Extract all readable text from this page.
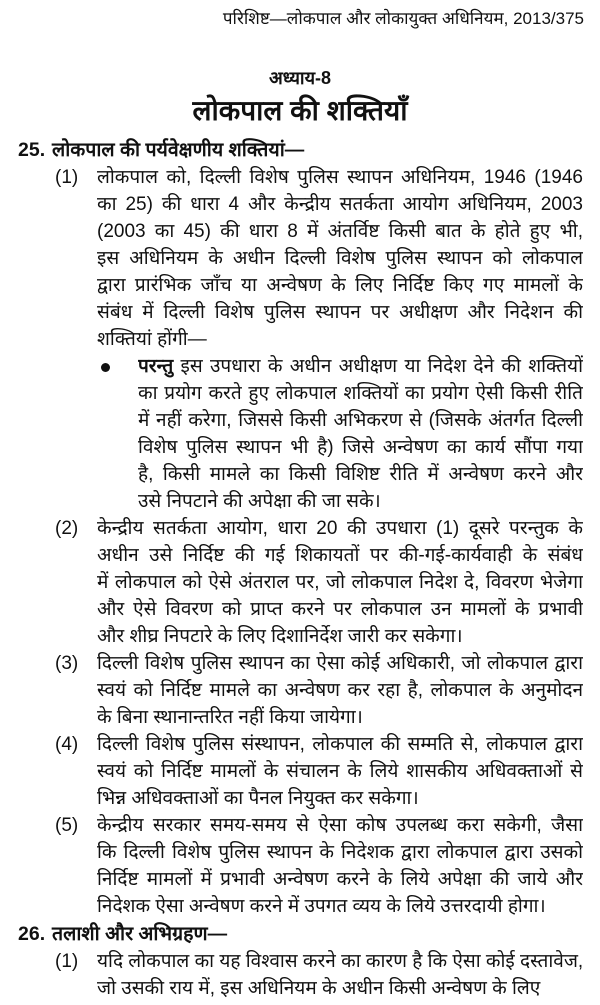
परिशिष्ट—लोकपाल और लोकायुक्त अधिनियम, 2013/375
अध्याय-8
लोकपाल की शक्तियाँ
25. लोकपाल की पर्यवेक्षणीय शक्तियां—
(1) लोकपाल को, दिल्ली विशेष पुलिस स्थापन अधिनियम, 1946 (1946
का 25) की धारा 4 और केन्द्रीय सतर्कता आयोग अधिनियम, 2003
(2003 का 45) की धारा 8 में अंतर्विष्ट किसी बात के होते हुए भी,
इस अधिनियम के अधीन दिल्ली विशेष पुलिस स्थापन को लोकपाल
द्वारा प्रारंभिक जाँच या अन्वेषण के लिए निर्दिष्ट किए गए मामलों के
संबंध में दिल्ली विशेष पुलिस स्थापन पर अधीक्षण और निदेशन की
शक्तियां होंगी—
परन्तु इस उपधारा के अधीन अधीक्षण या निदेश देने की शक्तियों
का प्रयोग करते हुए लोकपाल शक्तियों का प्रयोग ऐसी किसी रीति
में नहीं करेगा, जिससे किसी अभिकरण से (जिसके अंतर्गत दिल्ली
विशेष पुलिस स्थापन भी है) जिसे अन्वेषण का कार्य सौंपा गया
है, किसी मामले का किसी विशिष्ट रीति में अन्वेषण करने और
उसे निपटाने की अपेक्षा की जा सके।
(2) केन्द्रीय सतर्कता आयोग, धारा 20 की उपधारा (1) दूसरे परन्तुक के
अधीन उसे निर्दिष्ट की गई शिकायतों पर की-गई-कार्यवाही के संबंध
में लोकपाल को ऐसे अंतराल पर, जो लोकपाल निदेश दे, विवरण भेजेगा
और ऐसे विवरण को प्राप्त करने पर लोकपाल उन मामलों के प्रभावी
और शीघ्र निपटारे के लिए दिशानिर्देश जारी कर सकेगा।
(3) दिल्ली विशेष पुलिस स्थापन का ऐसा कोई अधिकारी, जो लोकपाल द्वारा
स्वयं को निर्दिष्ट मामले का अन्वेषण कर रहा है, लोकपाल के अनुमोदन
के बिना स्थानान्तरित नहीं किया जायेगा।
(4) दिल्ली विशेष पुलिस संस्थापन, लोकपाल की सम्मति से, लोकपाल द्वारा
स्वयं को निर्दिष्ट मामलों के संचालन के लिये शासकीय अधिवक्ताओं से
भिन्न अधिवक्ताओं का पैनल नियुक्त कर सकेगा।
(5) केन्द्रीय सरकार समय-समय से ऐसा कोष उपलब्ध करा सकेगी, जैसा
कि दिल्ली विशेष पुलिस स्थापन के निदेशक द्वारा लोकपाल द्वारा उसको
निर्दिष्ट मामलों में प्रभावी अन्वेषण करने के लिये अपेक्षा की जाये और
निदेशक ऐसा अन्वेषण करने में उपगत व्यय के लिये उत्तरदायी होगा।
26. तलाशी और अभिग्रहण—
(1) यदि लोकपाल का यह विश्वास करने का कारण है कि ऐसा कोई दस्तावेज,
जो उसकी राय में, इस अधिनियम के अधीन किसी अन्वेषण के लिए
